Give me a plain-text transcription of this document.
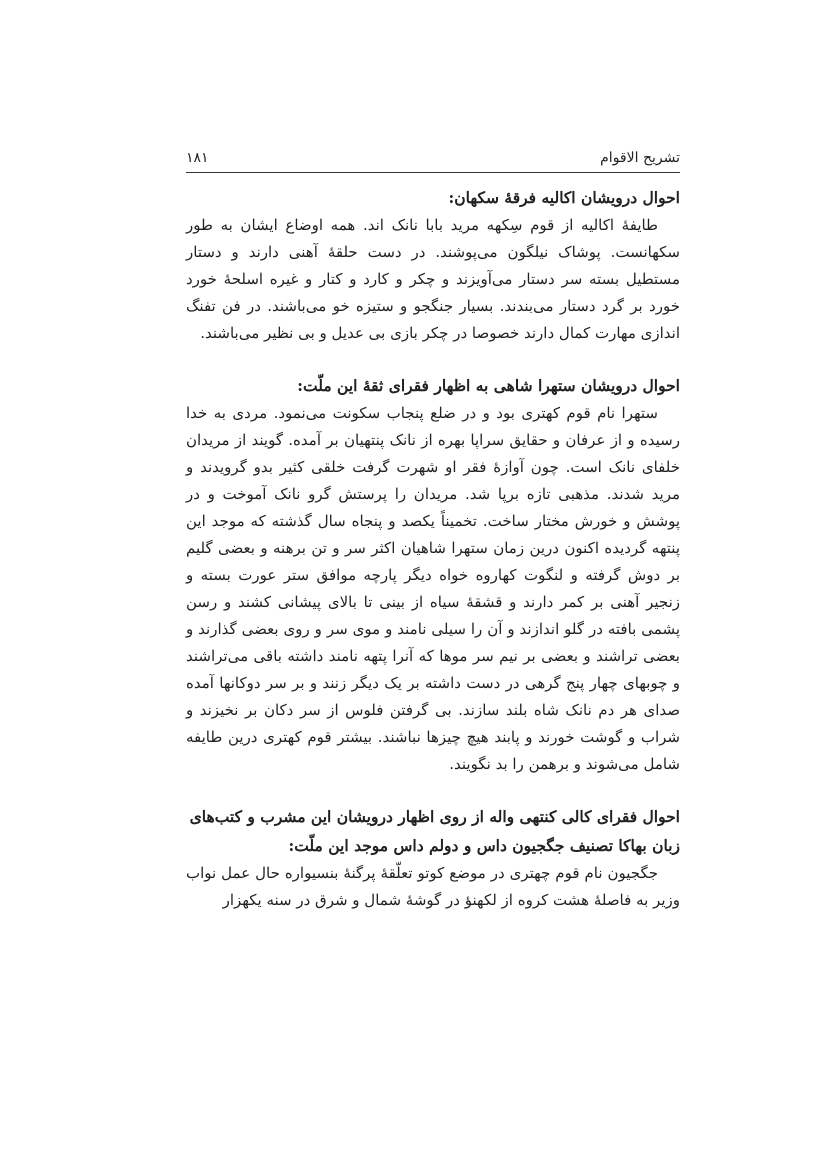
تشریح الاقوام
۱۸۱

احوال درویشان اکالیه فرقهٔ سکهان:

طایفهٔ اکالیه از قوم سِکهه مرید بابا نانک اند. همه اوضاع ایشان به طور سکهانست. پوشاک نیلگون می‌پوشند. در دست حلقهٔ آهنی دارند و دستار مستطیل بسته سر دستار می‌آویزند و چکر و کارد و کتار و غیره اسلحهٔ خورد خورد بر گرد دستار می‌بندند. بسیار جنگجو و ستیزه خو می‌باشند. در فن تفنگ اندازی مهارت کمال دارند خصوصا در چکر بازی بی عدیل و بی نظیر می‌باشند.

احوال درویشان ستهرا شاهی به اظهار فقرای ثقهٔ این ملّت:

ستهرا نام قوم کهتری بود و در ضلع پنجاب سکونت می‌نمود. مردی به خدا رسیده و از عرفان و حقایق سراپا بهره از نانک پنتهیان بر آمده. گویند از مریدان خلفای نانک است. چون آوازهٔ فقر او شهرت گرفت خلقی کثیر بدو گرویدند و مرید شدند. مذهبی تازه برپا شد. مریدان را پرستش گرو نانک آموخت و در پوشش و خورش مختار ساخت. تخمیناً یکصد و پنجاه سال گذشته که موجد این پنتهه گردیده اکنون درین زمان ستهرا شاهیان اکثر سر و تن برهنه و بعضی گلیم بر دوش گرفته و لنگوت کهاروه خواه دیگر پارچه موافق ستر عورت بسته و زنجیر آهنی بر کمر دارند و قشقهٔ سیاه از بینی تا بالای پیشانی کشند و رسن پشمی بافته در گلو اندازند و آن را سیلی نامند و موی سر و روی بعضی گذارند و بعضی تراشند و بعضی بر نیم سر موها که آنرا پتهه نامند داشته باقی می‌تراشند و چوبهای چهار پنج گرهی در دست داشته بر یک دیگر زنند و بر سر دوکانها آمده صدای هر دم نانک شاه بلند سازند. بی گرفتن فلوس از سر دکان بر نخیزند و شراب و گوشت خورند و پابند هیچ چیزها نباشند. بیشتر قوم کهتری درین طایفه شامل می‌شوند و برهمن را بد نگویند.

احوال فقرای کالی کنتهی واله از روی اظهار درویشان این مشرب و کتب‌های زبان بهاکا تصنیف جگجیون داس و دولم داس موجد این ملّت:

جگجیون نام قوم چهتری در موضع کوتو تعلّقهٔ پرگنهٔ بنسیواره حال عمل نواب وزیر به فاصلهٔ هشت کروه از لکهنؤ در گوشهٔ شمال و شرق در سنه یکهزار
